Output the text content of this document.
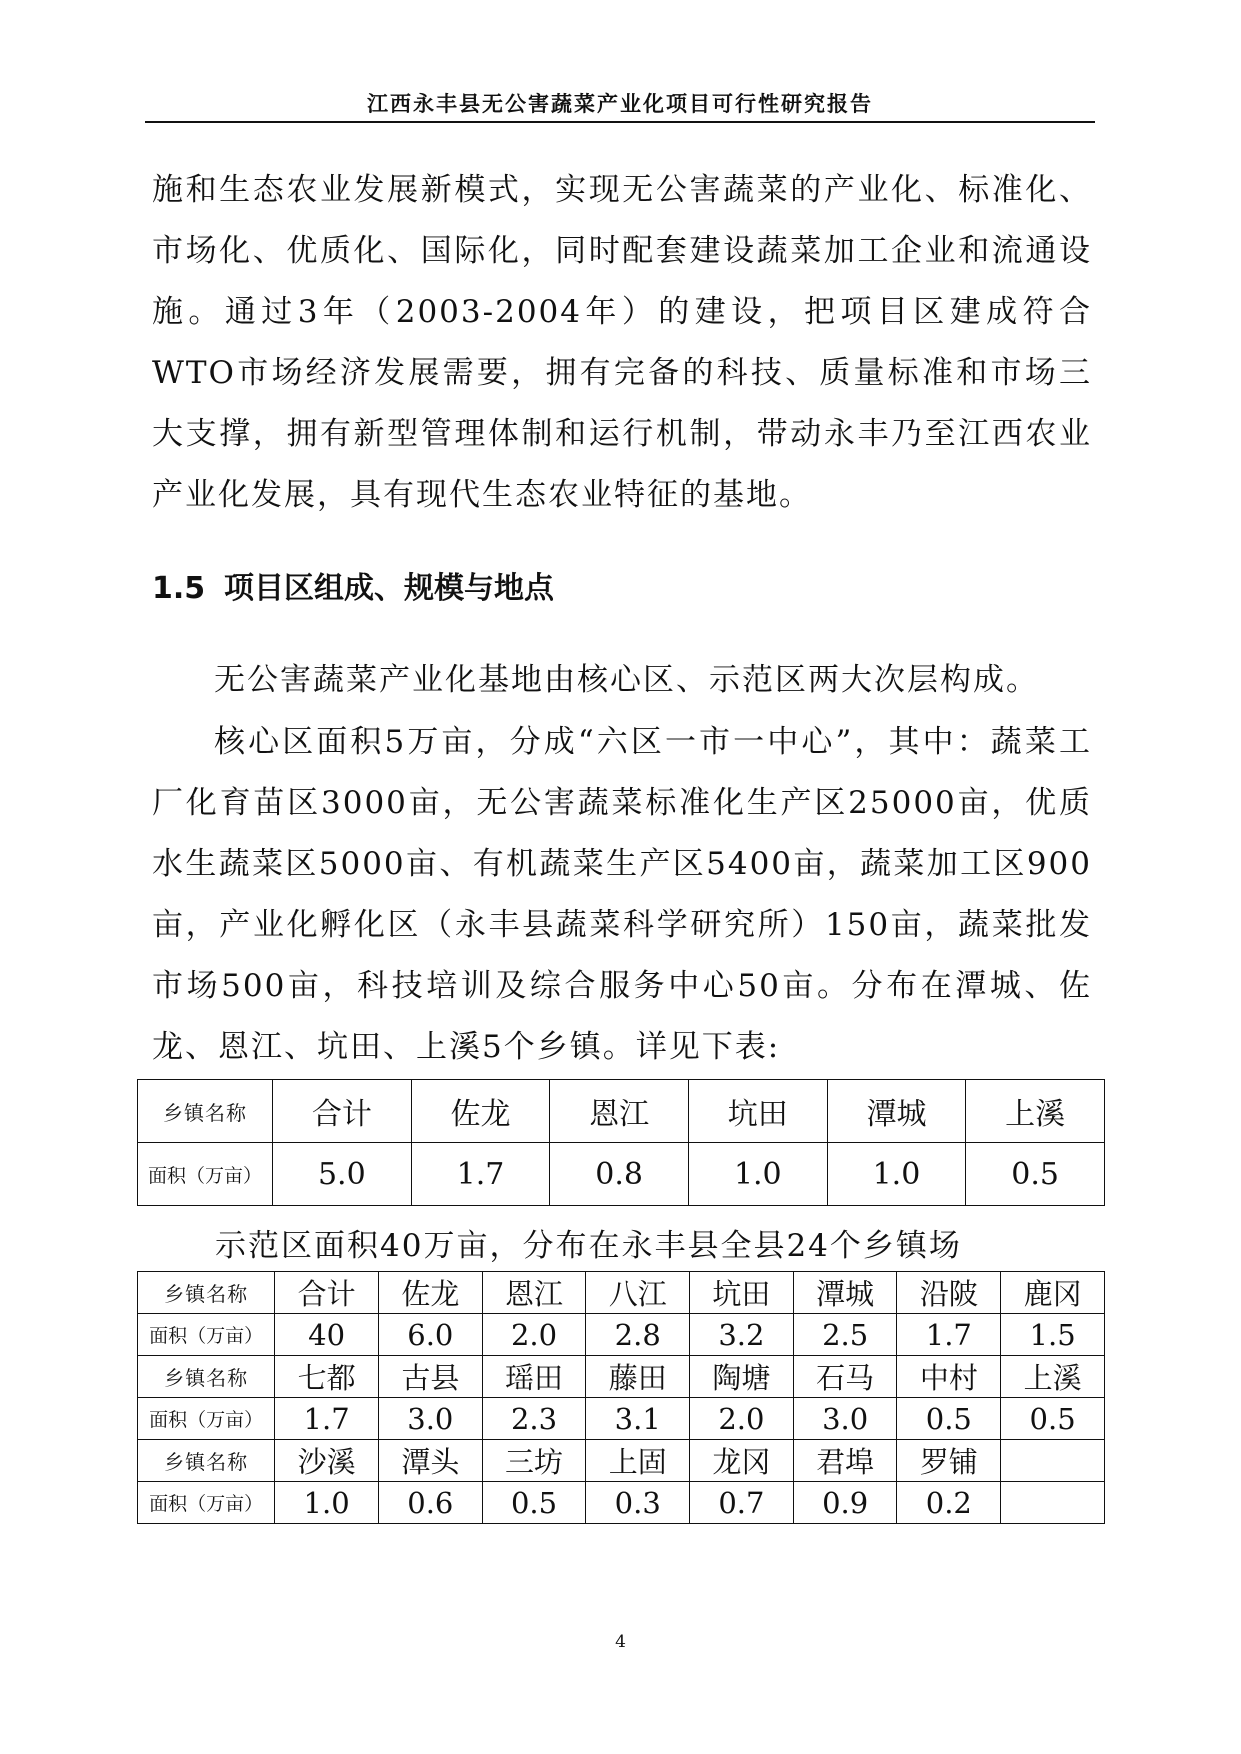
江西永丰县无公害蔬菜产业化项目可行性研究报告

施和生态农业发展新模式，实现无公害蔬菜的产业化、标准化、市场化、优质化、国际化，同时配套建设蔬菜加工企业和流通设施。通过3年（2003-2004年）的建设，把项目区建成符合WTO市场经济发展需要，拥有完备的科技、质量标准和市场三大支撑，拥有新型管理体制和运行机制，带动永丰乃至江西农业产业化发展，具有现代生态农业特征的基地。

1.5 项目区组成、规模与地点

无公害蔬菜产业化基地由核心区、示范区两大次层构成。

核心区面积5万亩，分成“六区一市一中心”，其中：蔬菜工厂化育苗区3000亩，无公害蔬菜标准化生产区25000亩，优质水生蔬菜区5000亩、有机蔬菜生产区5400亩，蔬菜加工区900亩，产业化孵化区（永丰县蔬菜科学研究所）150亩，蔬菜批发市场500亩，科技培训及综合服务中心50亩。分布在潭城、佐龙、恩江、坑田、上溪5个乡镇。详见下表:

乡镇名称	合计	佐龙	恩江	坑田	潭城	上溪
面积（万亩）	5.0	1.7	0.8	1.0	1.0	0.5
示范区面积40万亩，分布在永丰县全县24个乡镇场
乡镇名称	合计	佐龙	恩江	八江	坑田	潭城	沿陂	鹿冈
面积（万亩）	40	6.0	2.0	2.8	3.2	2.5	1.7	1.5
乡镇名称	七都	古县	瑶田	藤田	陶塘	石马	中村	上溪
面积（万亩）	1.7	3.0	2.3	3.1	2.0	3.0	0.5	0.5
乡镇名称	沙溪	潭头	三坊	上固	龙冈	君埠	罗铺	
面积（万亩）	1.0	0.6	0.5	0.3	0.7	0.9	0.2	
4
